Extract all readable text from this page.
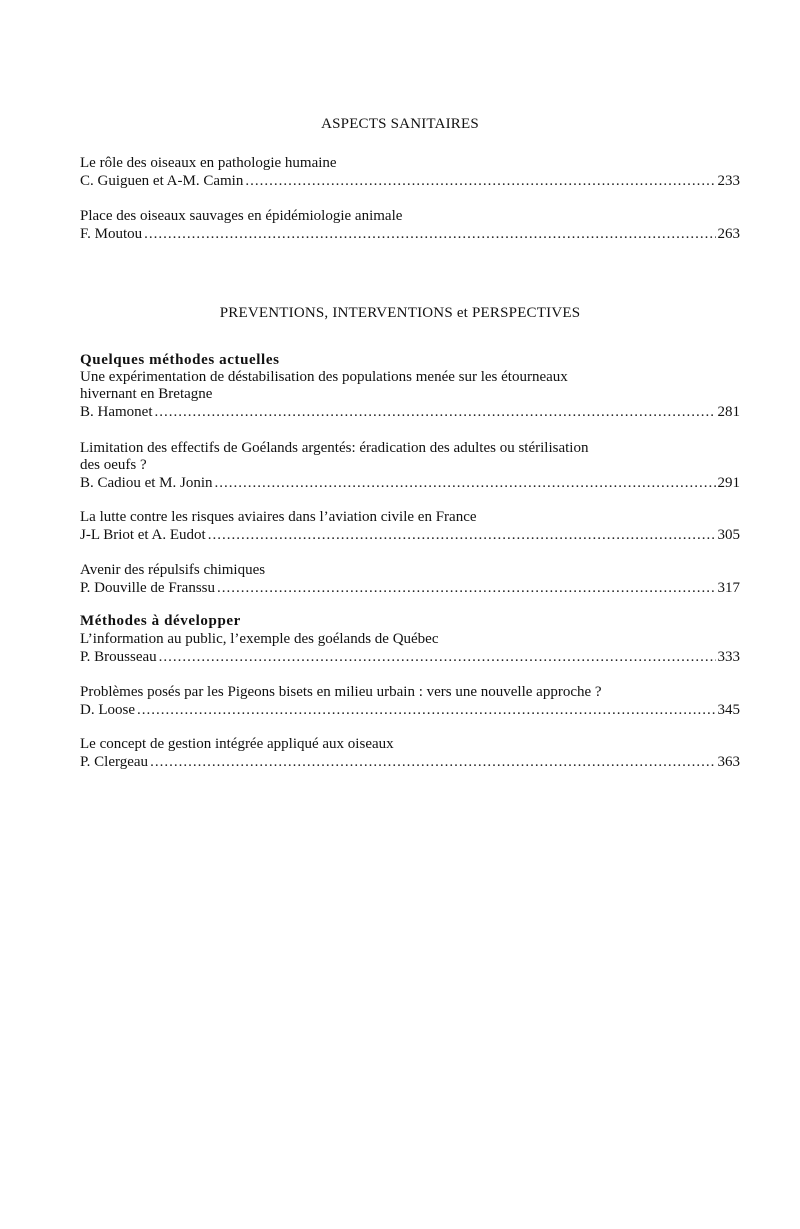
ASPECTS SANITAIRES
Le rôle des oiseaux en pathologie humaine
C. Guiguen et A-M. Camin .....	233
Place des oiseaux sauvages en épidémiologie animale
F. Moutou .....	263
PREVENTIONS, INTERVENTIONS et PERSPECTIVES
Quelques méthodes actuelles
Une expérimentation de déstabilisation des populations menée sur les étourneaux
hivernant en Bretagne
B. Hamonet .....	281
Limitation des effectifs de Goélands argentés: éradication des adultes ou stérilisation
des oeufs ?
B. Cadiou et M. Jonin .....	291
La lutte contre les risques aviaires dans l’aviation civile en France
J-L Briot et A. Eudot .....	305
Avenir des répulsifs chimiques
P. Douville de Franssu .....	317
Méthodes à développer
L’information au public, l’exemple des goélands de Québec
P. Brousseau .....	333
Problèmes posés par les Pigeons bisets en milieu urbain : vers une nouvelle approche ?
D. Loose .....	345
Le concept de gestion intégrée appliqué aux oiseaux
P. Clergeau .....	363
